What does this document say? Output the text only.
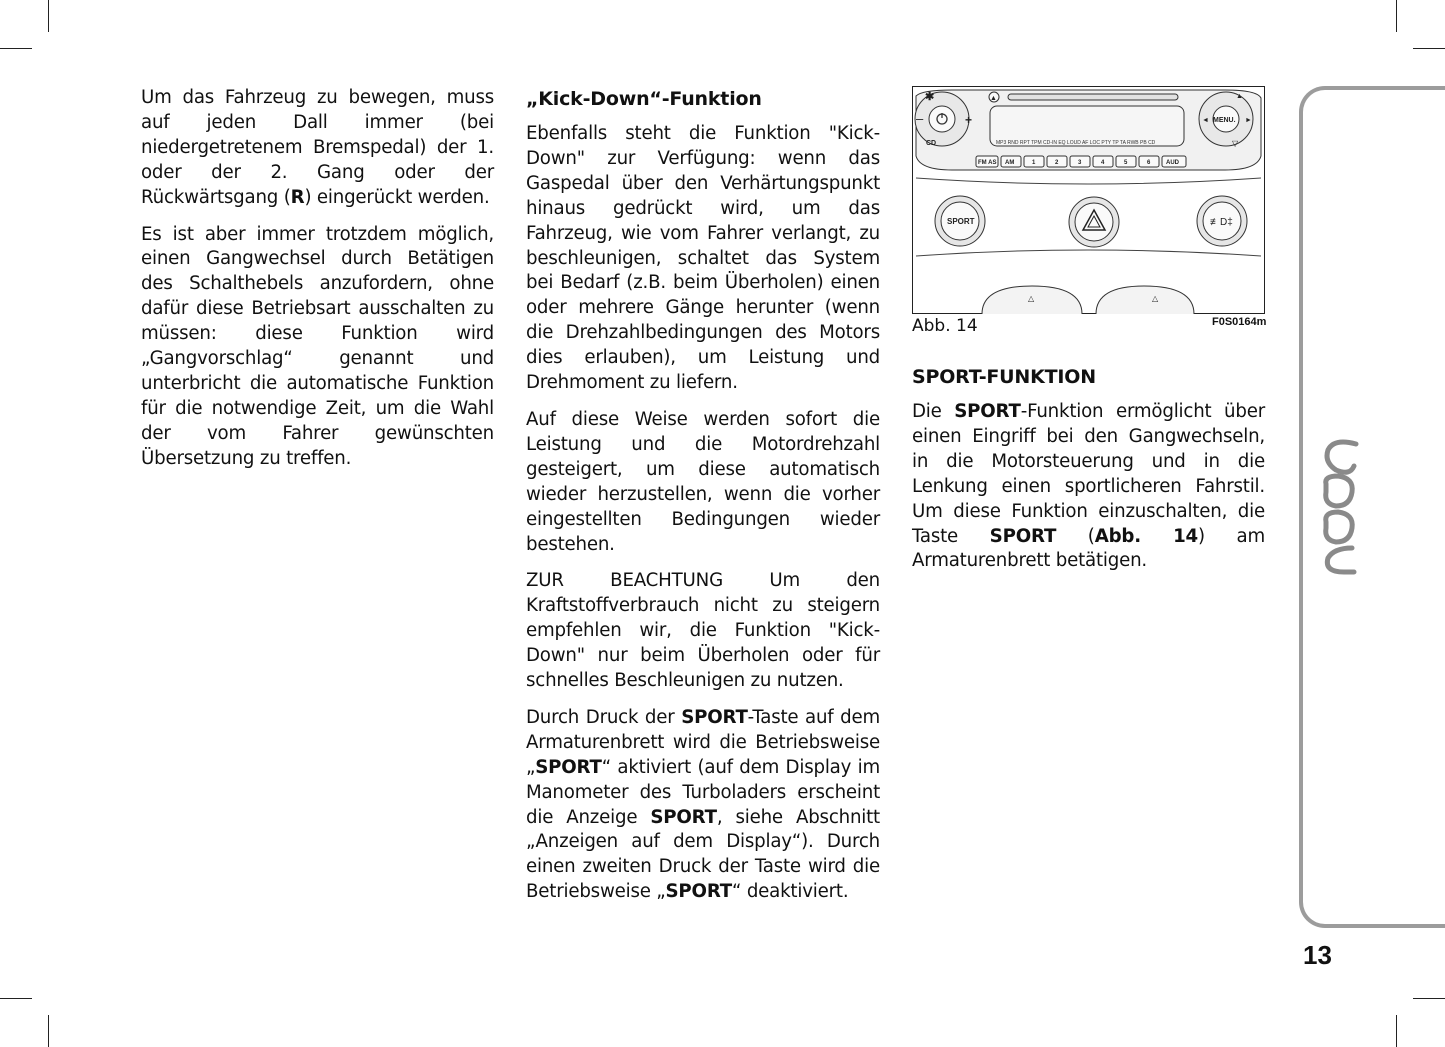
Um das Fahrzeug zu bewegen, muss auf jeden Dall immer (bei niedergetretenem Bremspedal) der 1. oder der 2. Gang oder der Rückwärtsgang (R) eingerückt werden.

Es ist aber immer trotzdem möglich, einen Gangwechsel durch Betätigen des Schalthebels anzufordern, ohne dafür diese Betriebsart ausschalten zu müssen: diese Funktion wird „Gangvorschlag“ genannt und unterbricht die automatische Funktion für die notwendige Zeit, um die Wahl der vom Fahrer gewünschten Übersetzung zu treffen.

„Kick-Down“-Funktion

Ebenfalls steht die Funktion "Kick-Down" zur Verfügung: wenn das Gaspedal über den Verhärtungspunkt hinaus gedrückt wird, um das Fahrzeug, wie vom Fahrer verlangt, zu beschleunigen, schaltet das System bei Bedarf (z.B. beim Überholen) einen oder mehrere Gänge herunter (wenn die Drehzahlbedingungen des Motors dies erlauben), um Leistung und Drehmoment zu liefern.

Auf diese Weise werden sofort die Leistung und die Motordrehzahl gesteigert, um diese automatisch wieder herzustellen, wenn die vorher eingestellten Bedingungen wieder bestehen.

ZUR BEACHTUNG Um den Kraftstoffverbrauch nicht zu steigern empfehlen wir, die Funktion "Kick-Down" nur beim Überholen oder für schnelles Beschleunigen zu nutzen.

Durch Druck der SPORT-Taste auf dem Armaturenbrett wird die Betriebsweise „SPORT“ aktiviert (auf dem Display im Manometer des Turboladers erscheint die Anzeige SPORT, siehe Abschnitt „Anzeigen auf dem Display“). Durch einen zweiten Druck der Taste wird die Betriebsweise „SPORT“ deaktiviert.

✱
–	+
CD
▲
MP3 RND RPT TPM CD-IN EQ LOUD AF LOC PTY TP TA RWB PB CD
MENU.
▲
◄	►
▽
FM AS AM	1	2	3	4	5	6	AUD
SPORT	≢D‡
△	△
Abb. 14	F0S0164m
SPORT-FUNKTION

Die SPORT-Funktion ermöglicht über einen Eingriff bei den Gangwechseln, in die Motorsteuerung und in die Lenkung einen sportlicheren Fahrstil. Um diese Funktion einzuschalten, die Taste SPORT (Abb. 14) am Armaturenbrett betätigen.

13
